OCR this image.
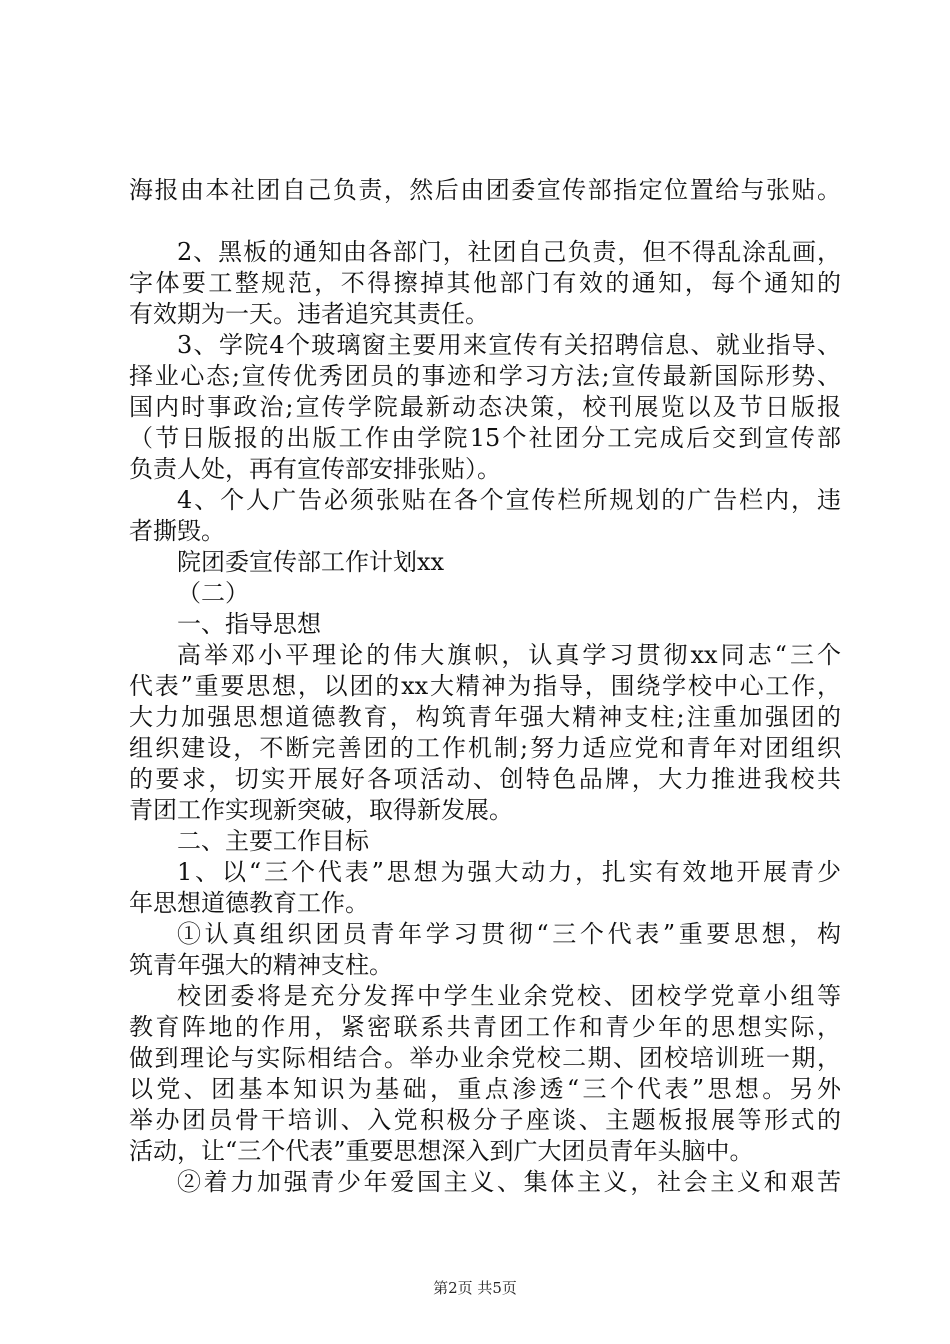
海报由本社团自己负责，然后由团委宣传部指定位置给与张贴。
2、黑板的通知由各部门，社团自己负责，但不得乱涂乱画，
字体要工整规范，不得擦掉其他部门有效的通知，每个通知的
有效期为一天。违者追究其责任。
3、学院4个玻璃窗主要用来宣传有关招聘信息、就业指导、
择业心态;宣传优秀团员的事迹和学习方法;宣传最新国际形势、
国内时事政治;宣传学院最新动态决策，校刊展览以及节日版报
（节日版报的出版工作由学院15个社团分工完成后交到宣传部
负责人处，再有宣传部安排张贴）。
4、个人广告必须张贴在各个宣传栏所规划的广告栏内，违
者撕毁。
院团委宣传部工作计划xx
（二）
一、指导思想
高举邓小平理论的伟大旗帜，认真学习贯彻xx同志“三个
代表”重要思想，以团的xx大精神为指导，围绕学校中心工作，
大力加强思想道德教育，构筑青年强大精神支柱;注重加强团的
组织建设，不断完善团的工作机制;努力适应党和青年对团组织
的要求，切实开展好各项活动、创特色品牌，大力推进我校共
青团工作实现新突破，取得新发展。
二、主要工作目标
1、以“三个代表”思想为强大动力，扎实有效地开展青少
年思想道德教育工作。
①认真组织团员青年学习贯彻“三个代表”重要思想，构
筑青年强大的精神支柱。
校团委将是充分发挥中学生业余党校、团校学党章小组等
教育阵地的作用，紧密联系共青团工作和青少年的思想实际，
做到理论与实际相结合。举办业余党校二期、团校培训班一期，
以党、团基本知识为基础，重点渗透“三个代表”思想。另外
举办团员骨干培训、入党积极分子座谈、主题板报展等形式的
活动，让“三个代表”重要思想深入到广大团员青年头脑中。
②着力加强青少年爱国主义、集体主义，社会主义和艰苦
第2页 共5页
